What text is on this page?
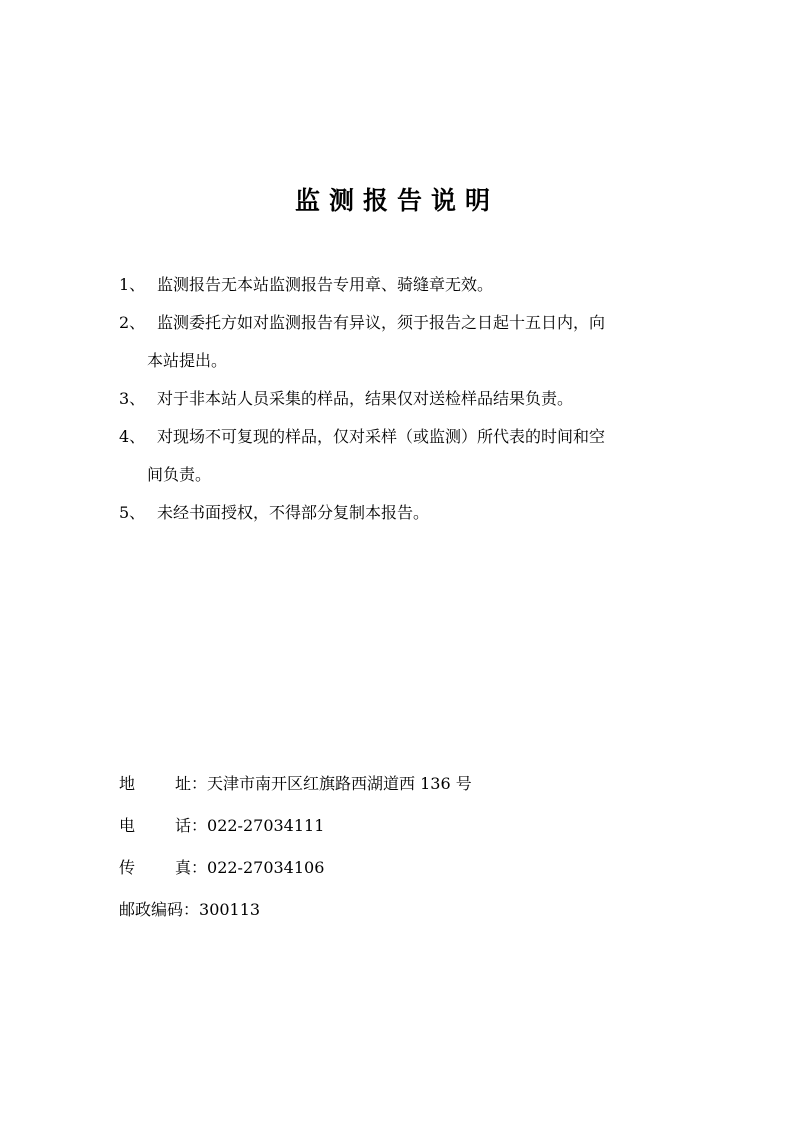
监测报告说明
1、 监测报告无本站监测报告专用章、骑缝章无效。
2、 监测委托方如对监测报告有异议，须于报告之日起十五日内，向
本站提出。
3、 对于非本站人员采集的样品，结果仅对送检样品结果负责。
4、 对现场不可复现的样品，仅对采样（或监测）所代表的时间和空
间负责。
5、 未经书面授权，不得部分复制本报告。
地 址：天津市南开区红旗路西湖道西 136 号
电 话：022-27034111
传 真：022-27034106
邮政编码：300113
